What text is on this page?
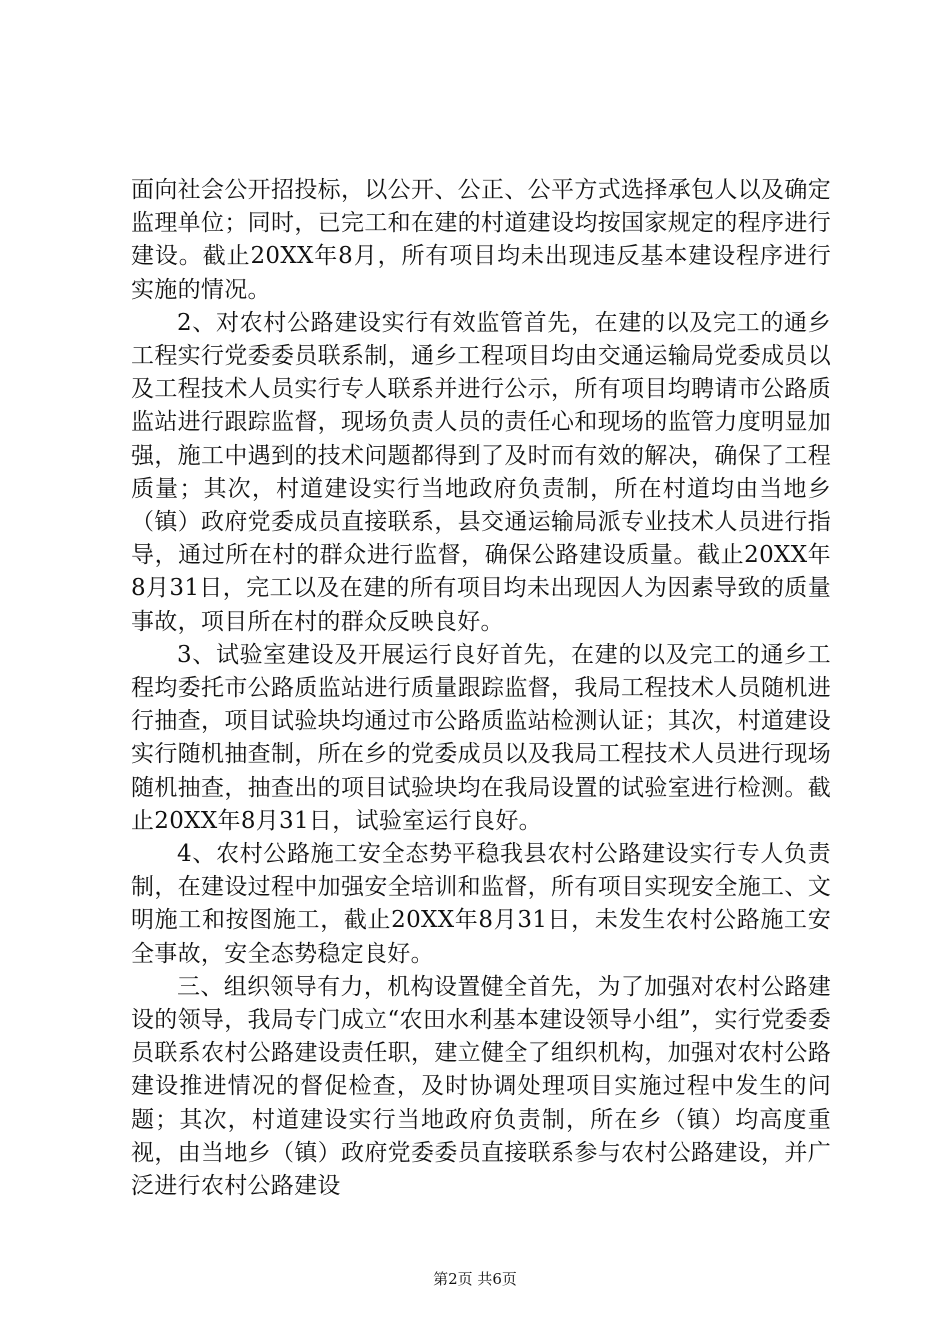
面向社会公开招投标，以公开、公正、公平方式选择承包人以及确定监理单位；同时，已完工和在建的村道建设均按国家规定的程序进行建设。截止20XX年8月，所有项目均未出现违反基本建设程序进行实施的情况。

2、对农村公路建设实行有效监管首先，在建的以及完工的通乡工程实行党委委员联系制，通乡工程项目均由交通运输局党委成员以及工程技术人员实行专人联系并进行公示，所有项目均聘请市公路质监站进行跟踪监督，现场负责人员的责任心和现场的监管力度明显加强，施工中遇到的技术问题都得到了及时而有效的解决，确保了工程质量；其次，村道建设实行当地政府负责制，所在村道均由当地乡（镇）政府党委成员直接联系，县交通运输局派专业技术人员进行指导，通过所在村的群众进行监督，确保公路建设质量。截止20XX年8月31日，完工以及在建的所有项目均未出现因人为因素导致的质量事故，项目所在村的群众反映良好。

3、试验室建设及开展运行良好首先，在建的以及完工的通乡工程均委托市公路质监站进行质量跟踪监督，我局工程技术人员随机进行抽查，项目试验块均通过市公路质监站检测认证；其次，村道建设实行随机抽查制，所在乡的党委成员以及我局工程技术人员进行现场随机抽查，抽查出的项目试验块均在我局设置的试验室进行检测。截止20XX年8月31日，试验室运行良好。

4、农村公路施工安全态势平稳我县农村公路建设实行专人负责制，在建设过程中加强安全培训和监督，所有项目实现安全施工、文明施工和按图施工，截止20XX年8月31日，未发生农村公路施工安全事故，安全态势稳定良好。

三、组织领导有力，机构设置健全首先，为了加强对农村公路建设的领导，我局专门成立“农田水利基本建设领导小组”，实行党委委员联系农村公路建设责任职，建立健全了组织机构，加强对农村公路建设推进情况的督促检查，及时协调处理项目实施过程中发生的问题；其次，村道建设实行当地政府负责制，所在乡（镇）均高度重视，由当地乡（镇）政府党委委员直接联系参与农村公路建设，并广泛进行农村公路建设

第2页 共6页
